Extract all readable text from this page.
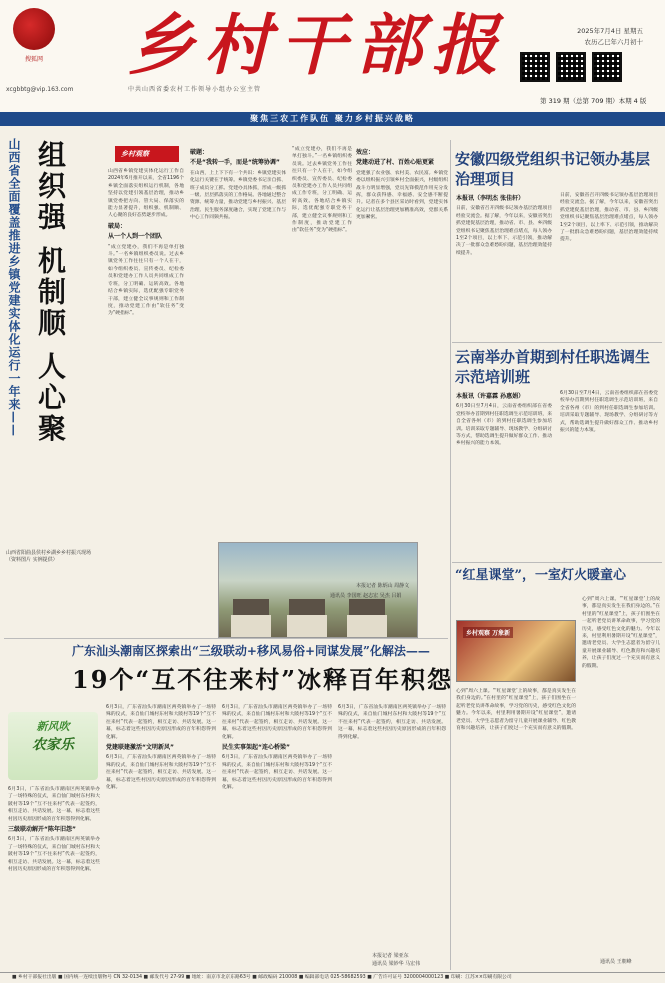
搜狐网
xcgbbtg@vip.163.com
乡村干部报
中共山西省委农村工作领导小组办公室主管
2025年7月4日 星期五
农历乙巳年六月初十
第 319 期（总第 709 期）本期 4 版
聚焦三农工作队伍 聚力乡村振兴战略
山西省全面覆盖推进乡镇党建实体化运行一年来—— 组织强 机制顺 人心聚
山西省阳曲县侯村乡湖乡乡村振兴现场（资料图片 实例提供）
乡村观察

山西省乡镇党建实体化运行工作自2024年6月推开以来，全省1196个乡镇全面落实组织运行机制，各地坚持以党建引领基层治理，推动乡镇党委把方向、管大局、保落实的能力显著提升，组织强、机制顺、人心聚的良好态势逐步形成。

破局：

从一个人到一个团队

“成立党建办，我们不再是单打独斗。”一名乡镇组织委员说。过去乡镇党务工作往往只有一个人在干，如今组织委员、宣传委员、纪检委员和党建办工作人员共同组成工作专班，分工明确、运转高效。各地结合乡镇实际，选优配强专职党务干部，建立健全议事规则和工作制度，推动党建工作由“软任务”变为“硬指标”。

破题：

不是“我转一手，而是“统筹协调”

在山西，上上下下有一个共识：乡镇党建实体化运行关键在于统筹。乡镇党委书记亲自抓、班子成员分工抓、党建办具体抓，形成一级抓一级、层层抓落实的工作格局。各地通过整合资源、统筹力量，推动党建与乡村振兴、基层治理、民生服务深度融合，实现了党建工作与中心工作同频共振。

“成立党建办，我们不再是单打独斗。”一名乡镇组织委员说。过去乡镇党务工作往往只有一个人在干，如今组织委员、宣传委员、纪检委员和党建办工作人员共同组成工作专班，分工明确、运转高效。各地结合乡镇实际，选优配强专职党务干部，建立健全议事规则和工作制度，推动党建工作由“软任务”变为“硬指标”。

效应：

党建动进了村、百姓心贴更紧

党建强了农业强、农村美、农民富。乡镇党委以组织振兴引领乡村全面振兴，村级组织战斗力明显增强，党员先锋模范作用充分发挥，群众获得感、幸福感、安全感不断提升。记者在多个县区采访时看到，党建实体化运行让基层治理更加精准高效，党群关系更加紧密。

本报记者 陈炳山 周静文
通讯员 李国旺 赵志宏 吴杰 吕娟
安徽四级党组织书记领办基层治理项目

本报讯（李明杰 张佳轩）

日前，安徽省召开四级书记领办基层治理项目经验交流会。据了解，今年以来，安徽省突出抓党建促基层治理，推动省、市、县、乡四级党组织书记聚焦基层治理难点堵点，每人领办1至2个项目，以上率下、示范引领，推动解决了一批群众急难愁盼问题，基层治理效能持续提升。

日前，安徽省召开四级书记领办基层治理项目经验交流会。据了解，今年以来，安徽省突出抓党建促基层治理，推动省、市、县、乡四级党组织书记聚焦基层治理难点堵点，每人领办1至2个项目，以上率下、示范引领，推动解决了一批群众急难愁盼问题，基层治理效能持续提升。

云南举办首期到村任职选调生示范培训班

本报讯（许嘉霖 孙惠娟）

6月30日至7月4日，云南省委组织部在省委党校举办首期到村任职选调生示范培训班，来自全省各州（市）的到村任职选调生参加培训。培训采取专题辅导、现场教学、分组研讨等方式，帮助选调生提升做好群众工作、推动乡村振兴的能力本领。

6月30日至7月4日，云南省委组织部在省委党校举办首期到村任职选调生示范培训班，来自全省各州（市）的到村任职选调生参加培训。培训采取专题辅导、现场教学、分组研讨等方式，帮助选调生提升做好群众工作、推动乡村振兴的能力本领。

“红星课堂”，一室灯火暖童心
乡村观察 万象新

心到“周六上课。“‘红星课堂’上的故事，都是真实发生在我们身边的。”在村里的“红星课堂”上，孩子们围坐在一起听老党员讲革命故事，学习党的历史，感受红色文化的魅力。今年以来，村里利用暑期开设“红星课堂”，邀请老党员、大学生志愿者为留守儿童开展课业辅导、红色教育和兴趣培养，让孩子们度过一个充实而有意义的假期。

心到“周六上课。“‘红星课堂’上的故事，都是真实发生在我们身边的。”在村里的“红星课堂”上，孩子们围坐在一起听老党员讲革命故事，学习党的历史，感受红色文化的魅力。今年以来，村里利用暑期开设“红星课堂”，邀请老党员、大学生志愿者为留守儿童开展课业辅导、红色教育和兴趣培养，让孩子们度过一个充实而有意义的假期。

通讯员 王朝峰
广东汕头潮南区探索出“三级联动+移风易俗+同谋发展”化解法——
19个“互不往来村”冰释百年积怨
新风吹
农家乐

6月3日，广东省汕头市潮南区两英镇举办了一场特殊的仪式，来自仙门城村东村和大陂村等19个“互不往来村”代表一起签约，相互走访、共话发展。这一幕，标志着这些村因历史原因形成的百年积怨得到化解。

三级联动解开“陈年旧怨”

6月3日，广东省汕头市潮南区两英镇举办了一场特殊的仪式，来自仙门城村东村和大陂村等19个“互不往来村”代表一起签约，相互走访、共话发展。这一幕，标志着这些村因历史原因形成的百年积怨得到化解。

6月3日，广东省汕头市潮南区两英镇举办了一场特殊的仪式，来自仙门城村东村和大陂村等19个“互不往来村”代表一起签约，相互走访、共话发展。这一幕，标志着这些村因历史原因形成的百年积怨得到化解。

党建联建激活“文明新风”

6月3日，广东省汕头市潮南区两英镇举办了一场特殊的仪式，来自仙门城村东村和大陂村等19个“互不往来村”代表一起签约，相互走访、共话发展。这一幕，标志着这些村因历史原因形成的百年积怨得到化解。

6月3日，广东省汕头市潮南区两英镇举办了一场特殊的仪式，来自仙门城村东村和大陂村等19个“互不往来村”代表一起签约，相互走访、共话发展。这一幕，标志着这些村因历史原因形成的百年积怨得到化解。

民生实事架起“连心桥梁”

6月3日，广东省汕头市潮南区两英镇举办了一场特殊的仪式，来自仙门城村东村和大陂村等19个“互不往来村”代表一起签约，相互走访、共话发展。这一幕，标志着这些村因历史原因形成的百年积怨得到化解。

6月3日，广东省汕头市潮南区两英镇举办了一场特殊的仪式，来自仙门城村东村和大陂村等19个“互不往来村”代表一起签约，相互走访、共话发展。这一幕，标志着这些村因历史原因形成的百年积怨得到化解。

本报记者 梁亚东
通讯员 梁妙华 马宏伟
■ 乡村干部报社出版 ■ 国内统一连续出版物号 CN 32-0134 ■ 邮发代号 27-99 ■ 地址：南京市北京东路63号 ■ 邮政编码 210008 ■ 编辑部电话 025-58682593 ■ 广告许可证号 3200004000123 ■ 印刷：江苏××印刷有限公司
